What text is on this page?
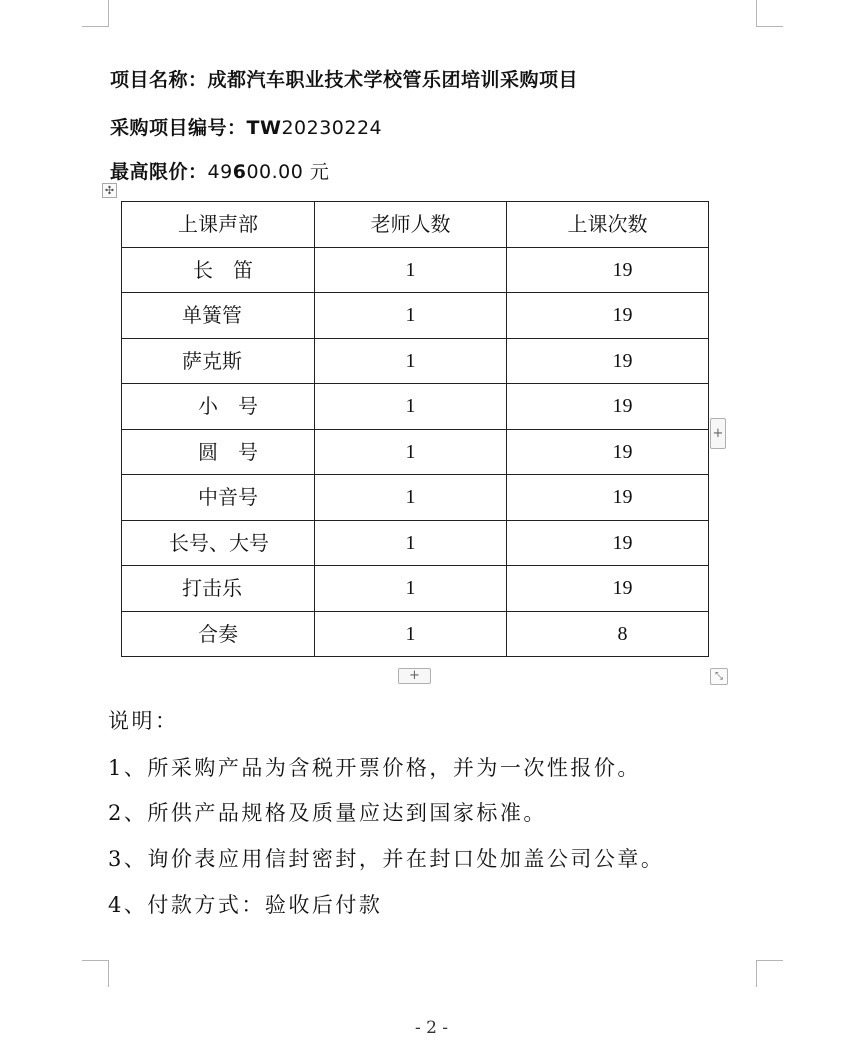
项目名称：成都汽车职业技术学校管乐团培训采购项目
采购项目编号：TW20230224
最高限价：49600.00 元
✣
上课声部	老师人数	上课次数
长　笛	1	19
单簧管	1	19
萨克斯	1	19
小　号	1	19
圆　号	1	19
中音号	1	19
长号、大号	1	19
打击乐	1	19
合奏	1	8
+
+	⤡
说明：
1、所采购产品为含税开票价格，并为一次性报价。
2、所供产品规格及质量应达到国家标准。
3、询价表应用信封密封，并在封口处加盖公司公章。
4、付款方式：验收后付款
- 2 -
